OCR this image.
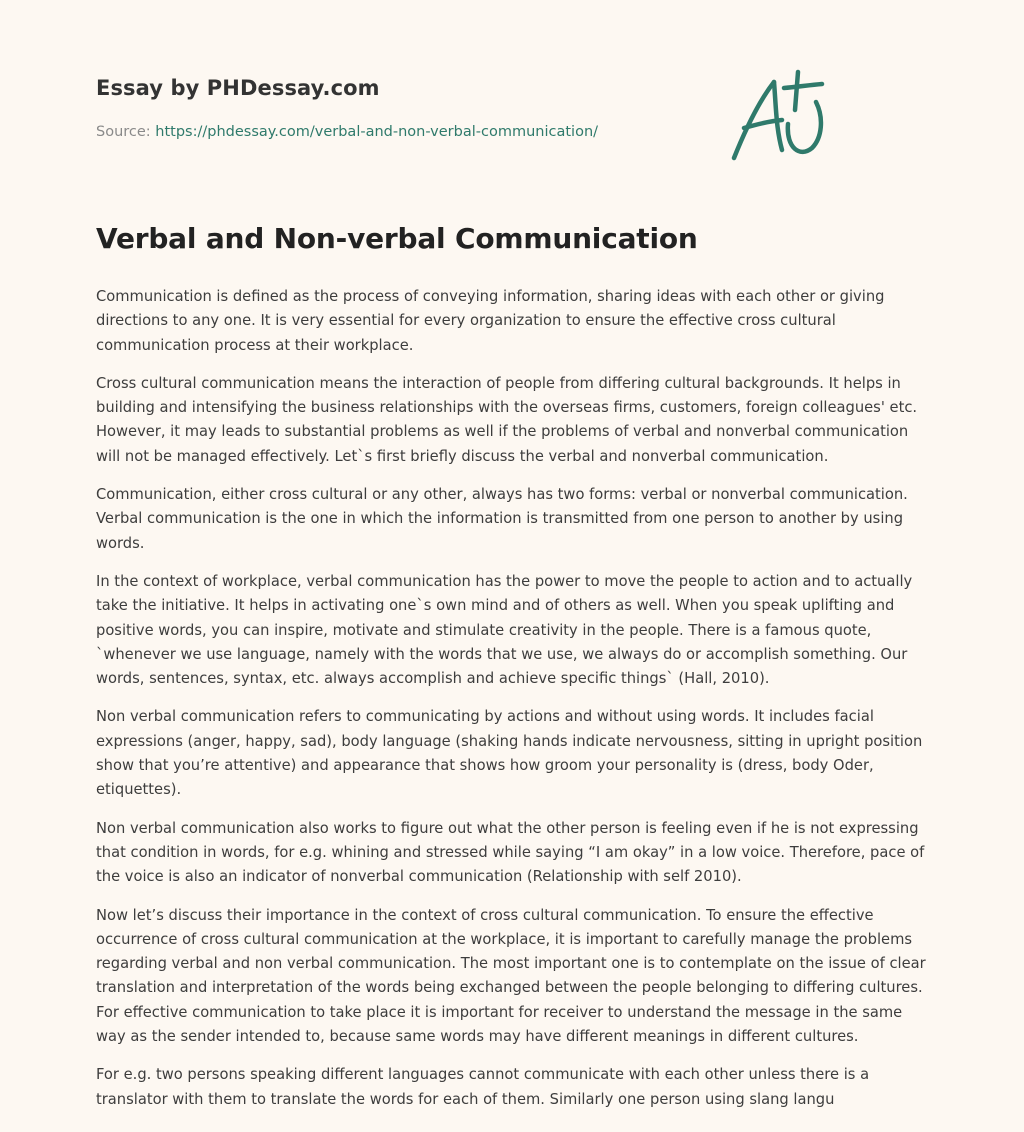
Essay by PHDessay.com
Source: https://phdessay.com/verbal-and-non-verbal-communication/
Verbal and Non-verbal Communication

Communication is defined as the process of conveying information, sharing ideas with each other or giving directions to any one. It is very essential for every organization to ensure the effective cross cultural communication process at their workplace.

Cross cultural communication means the interaction of people from differing cultural backgrounds. It helps in building and intensifying the business relationships with the overseas firms, customers, foreign colleagues' etc. However, it may leads to substantial problems as well if the problems of verbal and nonverbal communication will not be managed effectively. Let`s first briefly discuss the verbal and nonverbal communication.

Communication, either cross cultural or any other, always has two forms: verbal or nonverbal communication. Verbal communication is the one in which the information is transmitted from one person to another by using words.

In the context of workplace, verbal communication has the power to move the people to action and to actually take the initiative. It helps in activating one`s own mind and of others as well. When you speak uplifting and positive words, you can inspire, motivate and stimulate creativity in the people. There is a famous quote, `whenever we use language, namely with the words that we use, we always do or accomplish something. Our words, sentences, syntax, etc. always accomplish and achieve specific things` (Hall, 2010).

Non verbal communication refers to communicating by actions and without using words. It includes facial expressions (anger, happy, sad), body language (shaking hands indicate nervousness, sitting in upright position show that you’re attentive) and appearance that shows how groom your personality is (dress, body Oder, etiquettes).

Non verbal communication also works to figure out what the other person is feeling even if he is not expressing that condition in words, for e.g. whining and stressed while saying “I am okay” in a low voice. Therefore, pace of the voice is also an indicator of nonverbal communication (Relationship with self 2010).

Now let’s discuss their importance in the context of cross cultural communication. To ensure the effective occurrence of cross cultural communication at the workplace, it is important to carefully manage the problems regarding verbal and non verbal communication. The most important one is to contemplate on the issue of clear translation and interpretation of the words being exchanged between the people belonging to differing cultures. For effective communication to take place it is important for receiver to understand the message in the same way as the sender intended to, because same words may have different meanings in different cultures.

For e.g. two persons speaking different languages cannot communicate with each other unless there is a translator with them to translate the words for each of them. Similarly one person using slang langu
